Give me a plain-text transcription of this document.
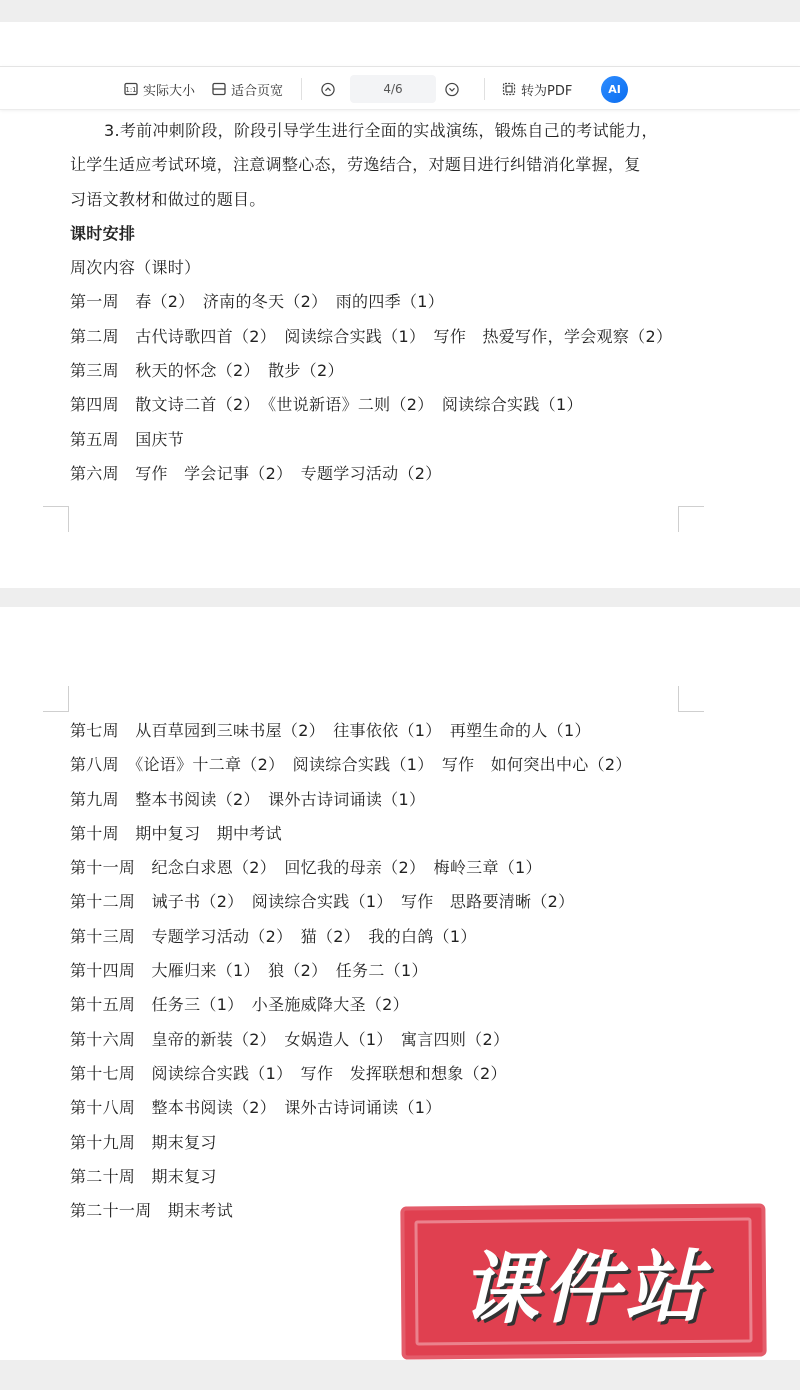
3.考前冲刺阶段，阶段引导学生进行全面的实战演练，锻炼自己的考试能力，
让学生适应考试环境，注意调整心态，劳逸结合，对题目进行纠错消化掌握，复
习语文教材和做过的题目。
课时安排
周次内容（课时）
第一周　春（2）　济南的冬天（2）　雨的四季（1）
第二周　古代诗歌四首（2）　阅读综合实践（1）　写作　热爱写作，学会观察（2）
第三周　秋天的怀念（2）　散步（2）
第四周　散文诗二首（2）　《世说新语》二则（2）　阅读综合实践（1）
第五周　国庆节
第六周　写作　学会记事（2）　专题学习活动（2）
1:1 实际大小	适合页宽	4/6	转为PDF	AI
第七周　从百草园到三味书屋（2）　往事依依（1）　再塑生命的人（1）
第八周　《论语》十二章（2）　阅读综合实践（1）　写作　如何突出中心（2）
第九周　整本书阅读（2）　课外古诗词诵读（1）
第十周　期中复习　期中考试
第十一周　纪念白求恩（2）　回忆我的母亲（2）　梅岭三章（1）
第十二周　诫子书（2）　阅读综合实践（1）　写作　思路要清晰（2）
第十三周　专题学习活动（2）　猫（2）　我的白鸽（1）
第十四周　大雁归来（1）　狼（2）　任务二（1）
第十五周　任务三（1）　小圣施威降大圣（2）
第十六周　皇帝的新装（2）　女娲造人（1）　寓言四则（2）
第十七周　阅读综合实践（1）　写作　发挥联想和想象（2）
第十八周　整本书阅读（2）　课外古诗词诵读（1）
第十九周　期末复习
第二十周　期末复习
第二十一周　期末考试
课件站
